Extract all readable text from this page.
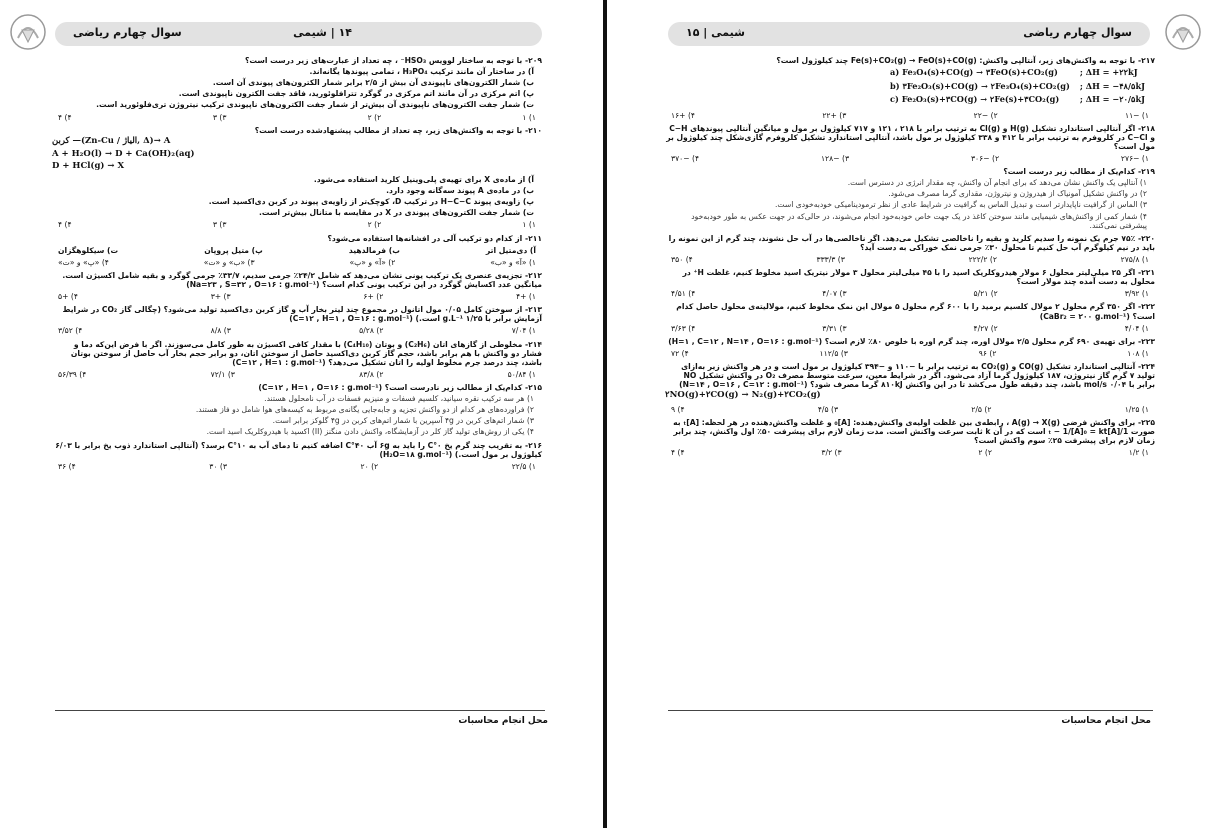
سوال چهارم ریاضی	۱۴ | شیمی
۲۰۹- با توجه به ساختار لوویس HSO₃⁻ ، چه تعداد از عبارت‌های زیر درست است؟
آ) در ساختار آن مانند ترکیب H₃PO₄ ، تمامی پیوندها یگانه‌اند.
ب) شمار الکترون‌های ناپیوندی آن بیش از ۲/۵ برابر شمار الکترون‌های پیوندی آن است.
پ) اتم مرکزی در آن مانند اتم مرکزی در گوگرد تترافلوئورید، فاقد جفت الکترون ناپیوندی است.
ت) شمار جفت الکترون‌های ناپیوندی آن بیش‌تر از شمار جفت الکترون‌های ناپیوندی ترکیب نیتروژن تری‌فلوئورید است.
۱) ۱
۲) ۲
۳) ۳
۴) ۴
۲۱۰- با توجه به واکنش‌های زیر، چه تعداد از مطالب پیشنهادشده درست است؟
کربن —(Zn-Cu / الیاژ, Δ)→ A
A + H₂O(l) → D + Ca(OH)₂(aq)
D + HCl(g) → X
آ) از ماده‌ی X برای تهیه‌ی پلی‌وینیل کلرید استفاده می‌شود.
ب) در ماده‌ی A پیوند سه‌گانه وجود دارد.
پ) زاویه‌ی پیوند H−C−C در ترکیب D، کوچک‌تر از زاویه‌ی پیوند در کربن دی‌اکسید است.
ت) شمار جفت الکترون‌های پیوندی در X در مقایسه با متانال بیش‌تر است.
۱) ۱
۲) ۲
۳) ۳
۴) ۴
۲۱۱- از کدام دو ترکیب آلی در افشانه‌ها استفاده می‌شود؟
آ) دی‌متیل اتر
ب) فرمالدهید
پ) متیل پروپان
ت) سیکلوهگزان
۱) «آ» و «ب»
۲) «آ» و «پ»
۳) «ب» و «ت»
۴) «پ» و «ت»
۲۱۲- تجزیه‌ی عنصری یک ترکیب یونی نشان می‌دهد که شامل ۲۴/۲٪ جرمی سدیم، ۳۳/۷٪ جرمی گوگرد و بقیه شامل اکسیژن است. میانگین عدد اکسایش گوگرد در این ترکیب یونی کدام است؟ (Na=۲۳ , S=۳۲ , O=۱۶ : g.mol⁻¹)
۱) +۴
۲) +۶
۳) +۳
۴) +۵
۲۱۳- از سوختن کامل ۰/۰۵ مول اتانول در مجموع چند لیتر بخار آب و گاز کربن دی‌اکسید تولید می‌شود؟ (چگالی گاز CO₂ در شرایط آزمایش برابر با ۱/۲۵ g.L⁻¹ است.) (C=۱۲ , H=۱ , O=۱۶ : g.mol⁻¹)
۱) ۷/۰۴
۲) ۵/۲۸
۳) ۸/۸
۴) ۳/۵۲
۲۱۴- مخلوطی از گازهای اتان (C₂H₆) و بوتان (C₄H₁₀) با مقدار کافی اکسیژن به طور کامل می‌سوزند. اگر با فرض این‌که دما و فشار دو واکنش با هم برابر باشد، حجم گاز کربن دی‌اکسید حاصل از سوختن اتان، دو برابر حجم بخار آب حاصل از سوختن بوتان باشد، چند درصد جرم مخلوط اولیه را اتان تشکیل می‌دهد؟ (C=۱۲ , H=۱ : g.mol⁻¹)
۱) ۵۰/۸۴
۲) ۸۳/۸
۳) ۷۲/۱
۴) ۵۶/۳۹
۲۱۵- کدام‌یک از مطالب زیر نادرست است؟ (C=۱۲ , H=۱ , O=۱۶ : g.mol⁻¹)
۱) هر سه ترکیب نقره سیانید، کلسیم فسفات و منیزیم فسفات در آب نامحلول هستند.
۲) فراورده‌های هر کدام از دو واکنش تجزیه و جابه‌جایی یگانه‌ی مربوط به کیسه‌های هوا شامل دو فاز هستند.
۳) شمار اتم‌های کربن در ۴g آسپرین با شمار اتم‌های کربن در ۴g گلوکز برابر است.
۴) یکی از روش‌های تولید گاز کلر در آزمایشگاه، واکنش دادن منگنز (II) اکسید با هیدروکلریک اسید است.
۲۱۶- به تقریب چند گرم یخ ۰°C را باید به ۶g آب ۴۰°C اضافه کنیم تا دمای آب به ۱۰°C برسد؟ (آنتالپی استاندارد ذوب یخ برابر با ۶/۰۳ کیلوژول بر مول است.) (H₂O=۱۸ g.mol⁻¹)
۱) ۲۲/۵
۲) ۲۰
۳) ۳۰
۴) ۳۶
محل انجام محاسبات
سوال چهارم ریاضی
شیمی | ۱۵
۲۱۷- با توجه به واکنش‌های زیر، آنتالپی واکنش: Fe(s)+CO₂(g) → FeO(s)+CO(g) چند کیلوژول است؟
a) Fe₃O₄(s)+CO(g) → ۳FeO(s)+CO₂(g)	; ΔH = +۲۲kJ
b) ۳Fe₂O₃(s)+CO(g) → ۲Fe₃O₄(s)+CO₂(g)	; ΔH = −۴۸/۵kJ
c) Fe₂O₃(s)+۳CO(g) → ۲Fe(s)+۳CO₂(g)	; ΔH = −۲۰/۵kJ
۱) −۱۱
۲) −۲۲
۳) +۲۲
۴) +۱۶
۲۱۸- اگر آنتالپی استاندارد تشکیل H(g) و Cl(g) به ترتیب برابر با ۲۱۸ ، ۱۲۱ و ۷۱۷ کیلوژول بر مول و میانگین آنتالپی پیوندهای C−H و C−Cl در کلروفرم به ترتیب برابر با ۴۱۲ و ۳۳۸ کیلوژول بر مول باشد، آنتالپی استاندارد تشکیل کلروفرم گازی‌شکل چند کیلوژول بر مول است؟
۱) −۲۷۶
۲) −۳۰۶
۳) −۱۲۸
۴) −۳۷۰
۲۱۹- کدام‌یک از مطالب زیر درست است؟
۱) آنتالپی یک واکنش نشان می‌دهد که برای انجام آن واکنش، چه مقدار انرژی در دسترس است.
۲) در واکنش تشکیل آمونیاک از هیدروژن و نیتروژن، مقداری گرما مصرف می‌شود.
۳) الماس از گرافیت ناپایدارتر است و تبدیل الماس به گرافیت در شرایط عادی از نظر ترمودینامیکی خودبه‌خودی است.
۴) شمار کمی از واکنش‌های شیمیایی مانند سوختن کاغذ در یک جهت خاص خودبه‌خود انجام می‌شوند، در حالی‌که در جهت عکس به طور خودبه‌خود پیشرفتی نمی‌کنند.
۲۲۰- ۷۵٪ جرم یک نمونه را سدیم کلرید و بقیه را ناخالصی تشکیل می‌دهد. اگر ناخالصی‌ها در آب حل نشوند، چند گرم از این نمونه را باید در نیم کیلوگرم آب حل کنیم تا محلول ۳۰٪ جرمی نمک خوراکی به دست آید؟
۱) ۲۷۵/۸
۲) ۲۲۲/۲
۳) ۳۳۳/۳
۴) ۳۵۰
۲۲۱- اگر ۲۵ میلی‌لیتر محلول ۶ مولار هیدروکلریک اسید را با ۴۵ میلی‌لیتر محلول ۳ مولار نیتریک اسید مخلوط کنیم، غلظت H⁺ در محلول به دست آمده چند مولار است؟
۱) ۳/۹۲
۲) ۵/۲۱
۳) ۴/۰۷
۴) ۴/۵۱
۲۲۲- اگر ۳۵۰ گرم محلول ۲ مولال کلسیم برمید را با ۶۰۰ گرم محلول ۵ مولال این نمک مخلوط کنیم، مولالیته‌ی محلول حاصل کدام است؟ (CaBr₂ = ۲۰۰ g.mol⁻¹)
۱) ۴/۰۴
۲) ۴/۲۷
۳) ۳/۳۱
۴) ۳/۶۳
۲۲۳- برای تهیه‌ی ۶۹۰ گرم محلول ۲/۵ مولال اوره، چند گرم اوره با خلوص ۸۰٪ لازم است؟ (H=۱ , C=۱۲ , N=۱۴ , O=۱۶ : g.mol⁻¹)
۱) ۱۰۸
۲) ۹۶
۳) ۱۱۲/۵
۴) ۷۲
۲۲۴- آنتالپی استاندارد تشکیل CO(g) و CO₂(g) به ترتیب برابر با −۱۱۰ و −۳۹۴ کیلوژول بر مول است و در هر واکنش زیر به‌ازای تولید ۷ گرم گاز نیتروژن، ۱۸۷ کیلوژول گرما آزاد می‌شود. اگر در شرایط معین، سرعت متوسط مصرف O₂ در واکنش تشکیل NO برابر با ۰/۰۴ mol/s باشد، چند دقیقه طول می‌کشد تا در این واکنش ۸۱۰kJ گرما مصرف شود؟ (N=۱۴ , O=۱۶ , C=۱۲ : g.mol⁻¹)
۲NO(g)+۲CO(g) → N₂(g)+۲CO₂(g)
۱) ۱/۲۵
۲) ۲/۵
۳) ۴/۵
۴) ۹
۲۲۵- برای واکنش فرضی A(g) → X(g) ، رابطه‌ی بین غلظت اولیه‌ی واکنش‌دهنده: [A]₀ و غلظت واکنش‌دهنده در هر لحظه: [A]ₜ به صورت 1/[A]ₜ − 1/[A]₀ = kt است که در آن k ثابت سرعت واکنش است. مدت زمان لازم برای پیشرفت ۵۰٪ اول واکنش، چند برابر زمان لازم برای پیشرفت ۲۵٪ سوم واکنش است؟
۱) ۱/۲
۲) ۲
۳) ۳/۲
۴) ۴
محل انجام محاسبات
